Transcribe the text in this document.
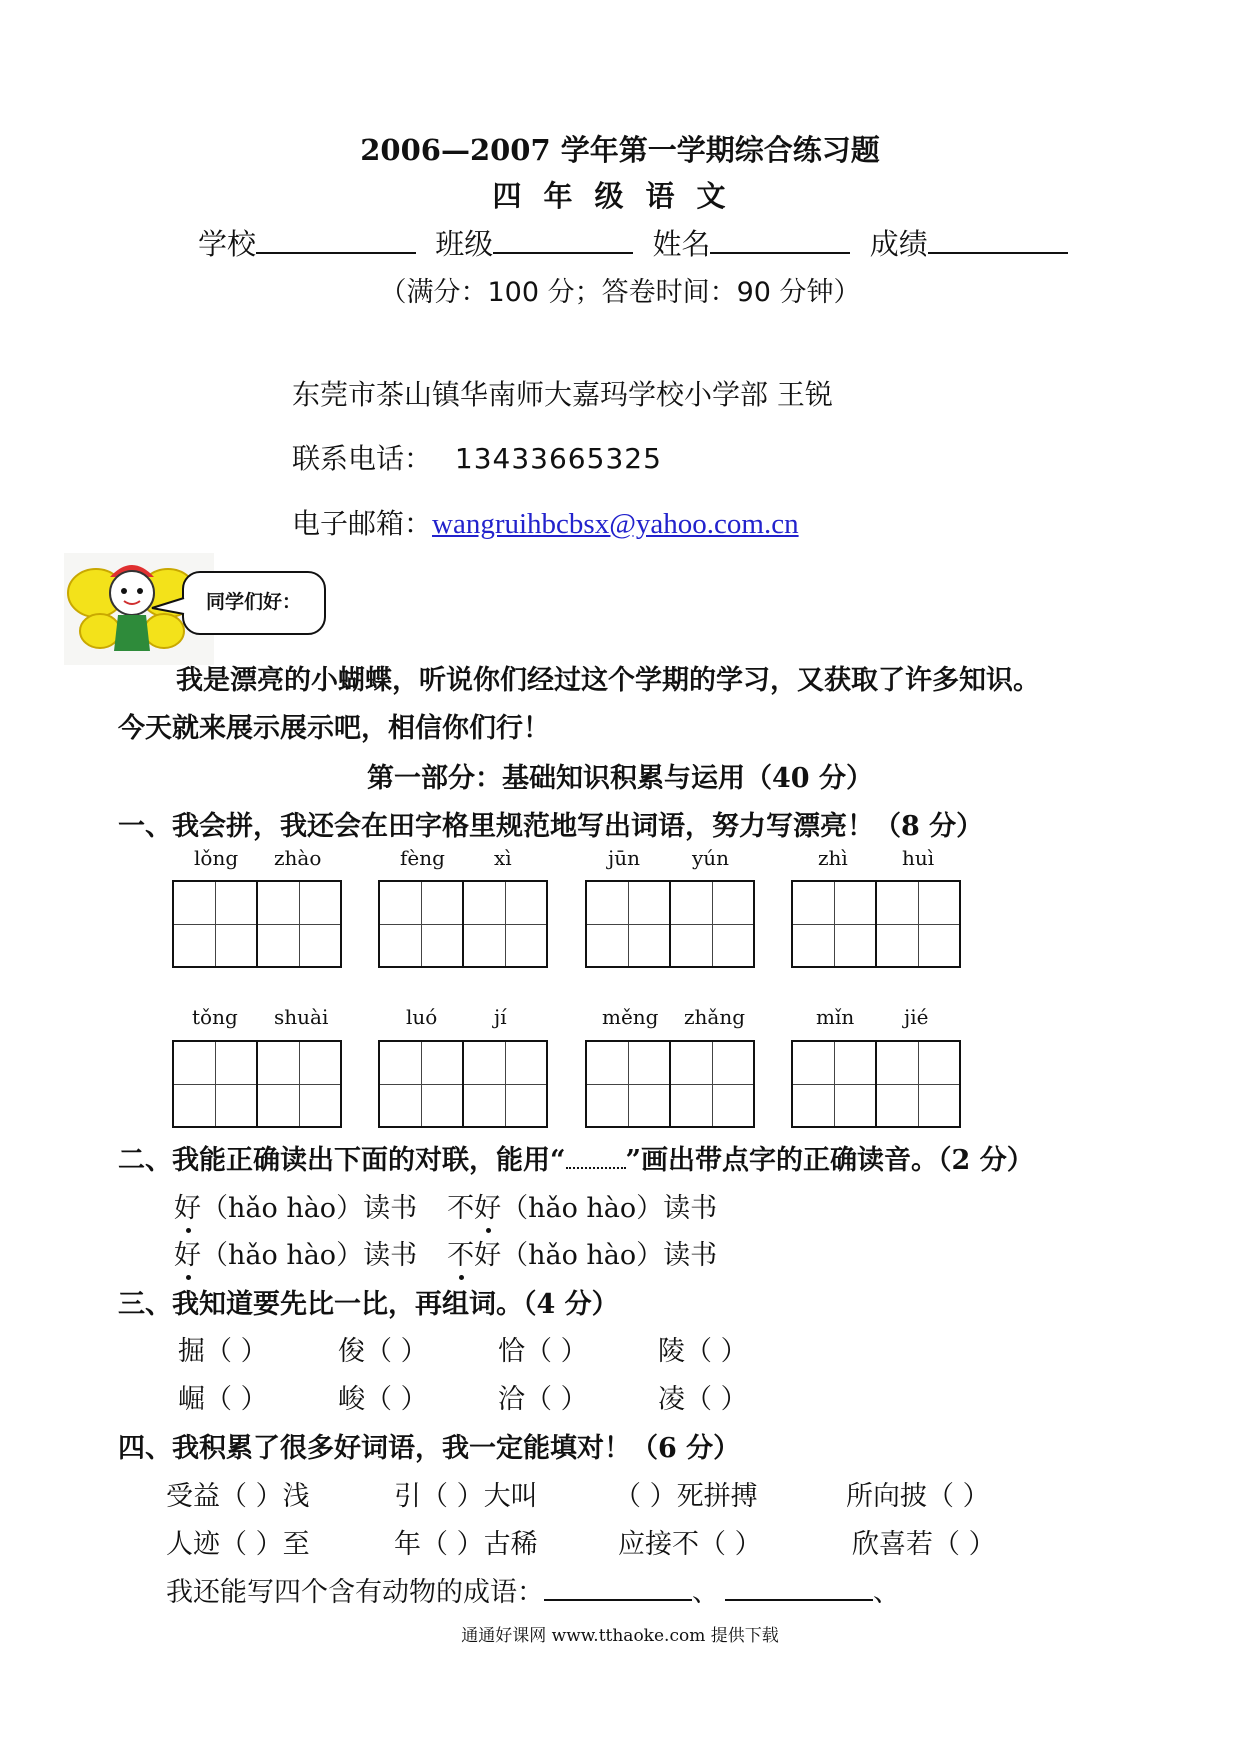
2006—2007 学年第一学期综合练习题
四年级语文
学校	班级	姓名	成绩
（满分：100 分；答卷时间：90 分钟）
东莞市茶山镇华南师大嘉玛学校小学部 王锐
联系电话： 13433665325
电子邮箱：wangruihbcbsx@yahoo.com.cn
同学们好：
我是漂亮的小蝴蝶，听说你们经过这个学期的学习，又获取了许多知识。
今天就来展示展示吧，相信你们行！
第一部分：基础知识积累与运用（40 分）
一、我会拼，我还会在田字格里规范地写出词语，努力写漂亮！（8 分）
lǒng zhào	fèng xì	jūn	yún	zhì	huì
tǒng shuài	luó	jí	měng zhǎng	mǐn jié
二、我能正确读出下面的对联，能用“ ”画出带点字的正确读音。（2 分）
好（hǎo hào）读书 不好（hǎo hào）读书
好（hǎo hào）读书 不好（hǎo hào）读书
三、我知道要先比一比，再组词。（4 分）
掘（ ）	俊（ ）	恰（ ）	陵（ ）
崛（ ）	峻（ ）	洽（ ）	凌（ ）
四、我积累了很多好词语，我一定能填对！（6 分）
受益（ ）浅	引（ ）大叫	（ ）死拼搏	所向披（ ）
人迹（ ）至	年（ ）古稀	应接不（ ）	欣喜若（ ）
我还能写四个含有动物的成语：	、	、
通通好课网 www.tthaoke.com 提供下载
